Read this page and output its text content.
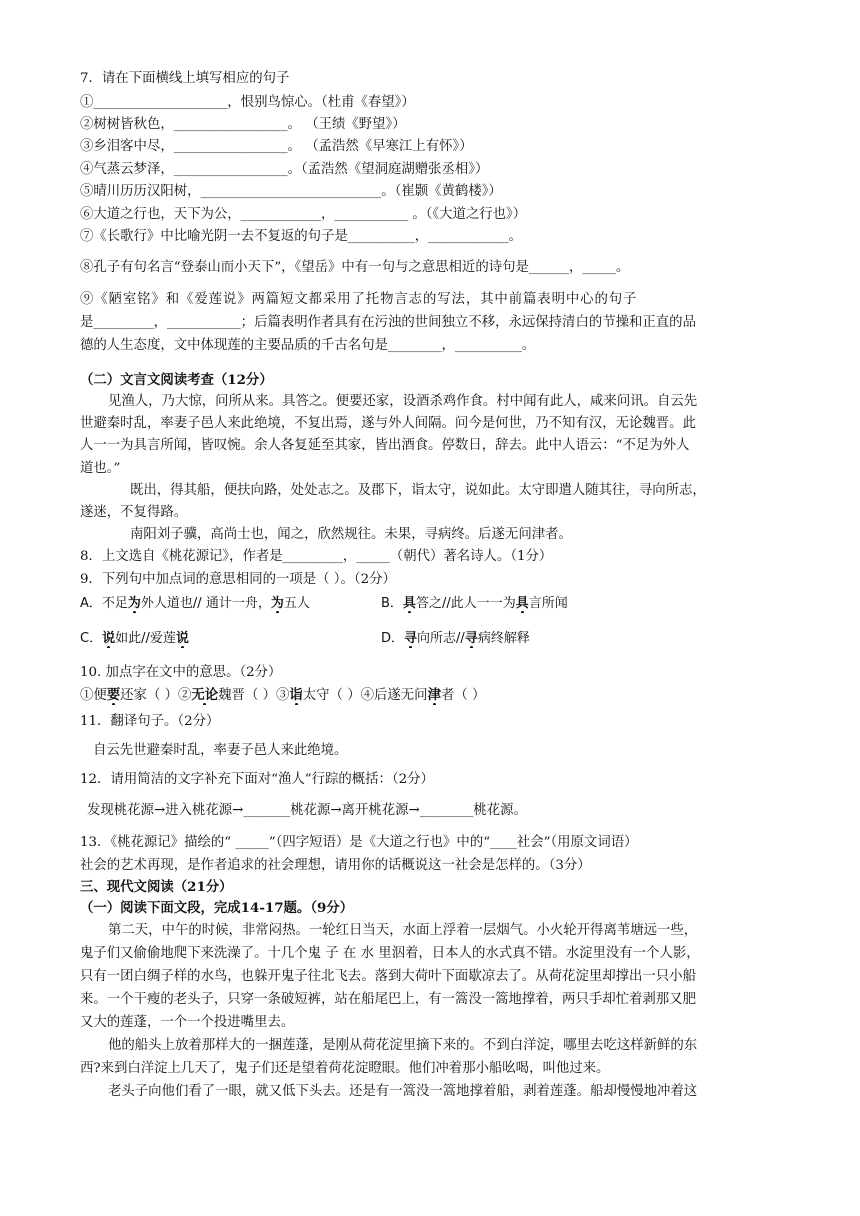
7．请在下面横线上填写相应的句子
①____________________，恨别鸟惊心。（杜甫《春望》）
②树树皆秋色，_________________。 （王绩《野望》）
③乡泪客中尽，_________________。 （孟浩然《早寒江上有怀》）
④气蒸云梦泽，_________________。（孟浩然《望洞庭湖赠张丞相》）
⑤晴川历历汉阳树，___________________________。（崔颢《黄鹤楼》）
⑥大道之行也，天下为公，____________，___________ 。（《大道之行也》）
⑦《长歌行》中比喻光阴一去不复返的句子是__________，____________。
⑧孔子有句名言“登泰山而小天下”，《望岳》中有一句与之意思相近的诗句是______，_____。
⑨《陋室铭》和《爱莲说》两篇短文都采用了托物言志的写法，其中前篇表明中心的句子
是_________，___________；后篇表明作者具有在污浊的世间独立不移，永远保持清白的节操和正直的品
德的人生态度，文中体现莲的主要品质的千古名句是________，__________。
（二）文言文阅读考查（12分）
见渔人，乃大惊，问所从来。具答之。便要还家，设酒杀鸡作食。村中闻有此人，咸来问讯。自云先
世避秦时乱，率妻子邑人来此绝境，不复出焉，遂与外人间隔。问今是何世，乃不知有汉，无论魏晋。此
人一一为具言所闻，皆叹惋。余人各复延至其家，皆出酒食。停数日，辞去。此中人语云：“不足为外人
道也。”
既出，得其船，便扶向路，处处志之。及郡下，诣太守，说如此。太守即遣人随其往，寻向所志，
遂迷，不复得路。
南阳刘子骥，高尚士也，闻之，欣然规往。未果，寻病终。后遂无问津者。
8．上文选自《桃花源记》，作者是_________，_____（朝代）著名诗人。（1分）
9．下列句中加点词的意思相同的一项是（ ）。（2分）
A．不足为外人道也// 通计一舟，为五人	B．具答之//此人一一为具言所闻
C．说如此//爱莲说	D．寻向所志//寻病终解释
10. 加点字在文中的意思。（2分）
①便要还家（ ）②无论魏晋（ ）③诣太守（ ）④后遂无问津者（ ）
11．翻译句子。（2分）
自云先世避秦时乱，率妻子邑人来此绝境。
12．请用简洁的文字补充下面对“渔人”行踪的概括：（2分）
发现桃花源→进入桃花源→_______桃花源→离开桃花源→________桃花源。
13．《桃花源记》描绘的“ _____”（四字短语）是《大道之行也》中的“____社会”（用原文词语）
社会的艺术再现，是作者追求的社会理想，请用你的话概说这一社会是怎样的。（3分）
三、现代文阅读（21分）
（一）阅读下面文段，完成14-17题。（9分）
第二天，中午的时候，非常闷热。一轮红日当天，水面上浮着一层烟气。小火轮开得离苇塘远一些，
鬼子们又偷偷地爬下来洗澡了。十几个鬼 子 在 水 里泅着，日本人的水式真不错。水淀里没有一个人影，
只有一团白绸子样的水鸟，也躲开鬼子往北飞去。落到大荷叶下面歇凉去了。从荷花淀里却撑出一只小船
来。一个干瘦的老头子，只穿一条破短裤，站在船尾巴上，有一篙没一篙地撑着，两只手却忙着剥那又肥
又大的莲蓬，一个一个投进嘴里去。
他的船头上放着那样大的一捆莲蓬，是刚从荷花淀里摘下来的。不到白洋淀，哪里去吃这样新鲜的东
西?来到白洋淀上几天了，鬼子们还是望着荷花淀瞪眼。他们冲着那小船吆喝，叫他过来。
老头子向他们看了一眼，就又低下头去。还是有一篙没一篙地撑着船，剥着莲蓬。船却慢慢地冲着这
